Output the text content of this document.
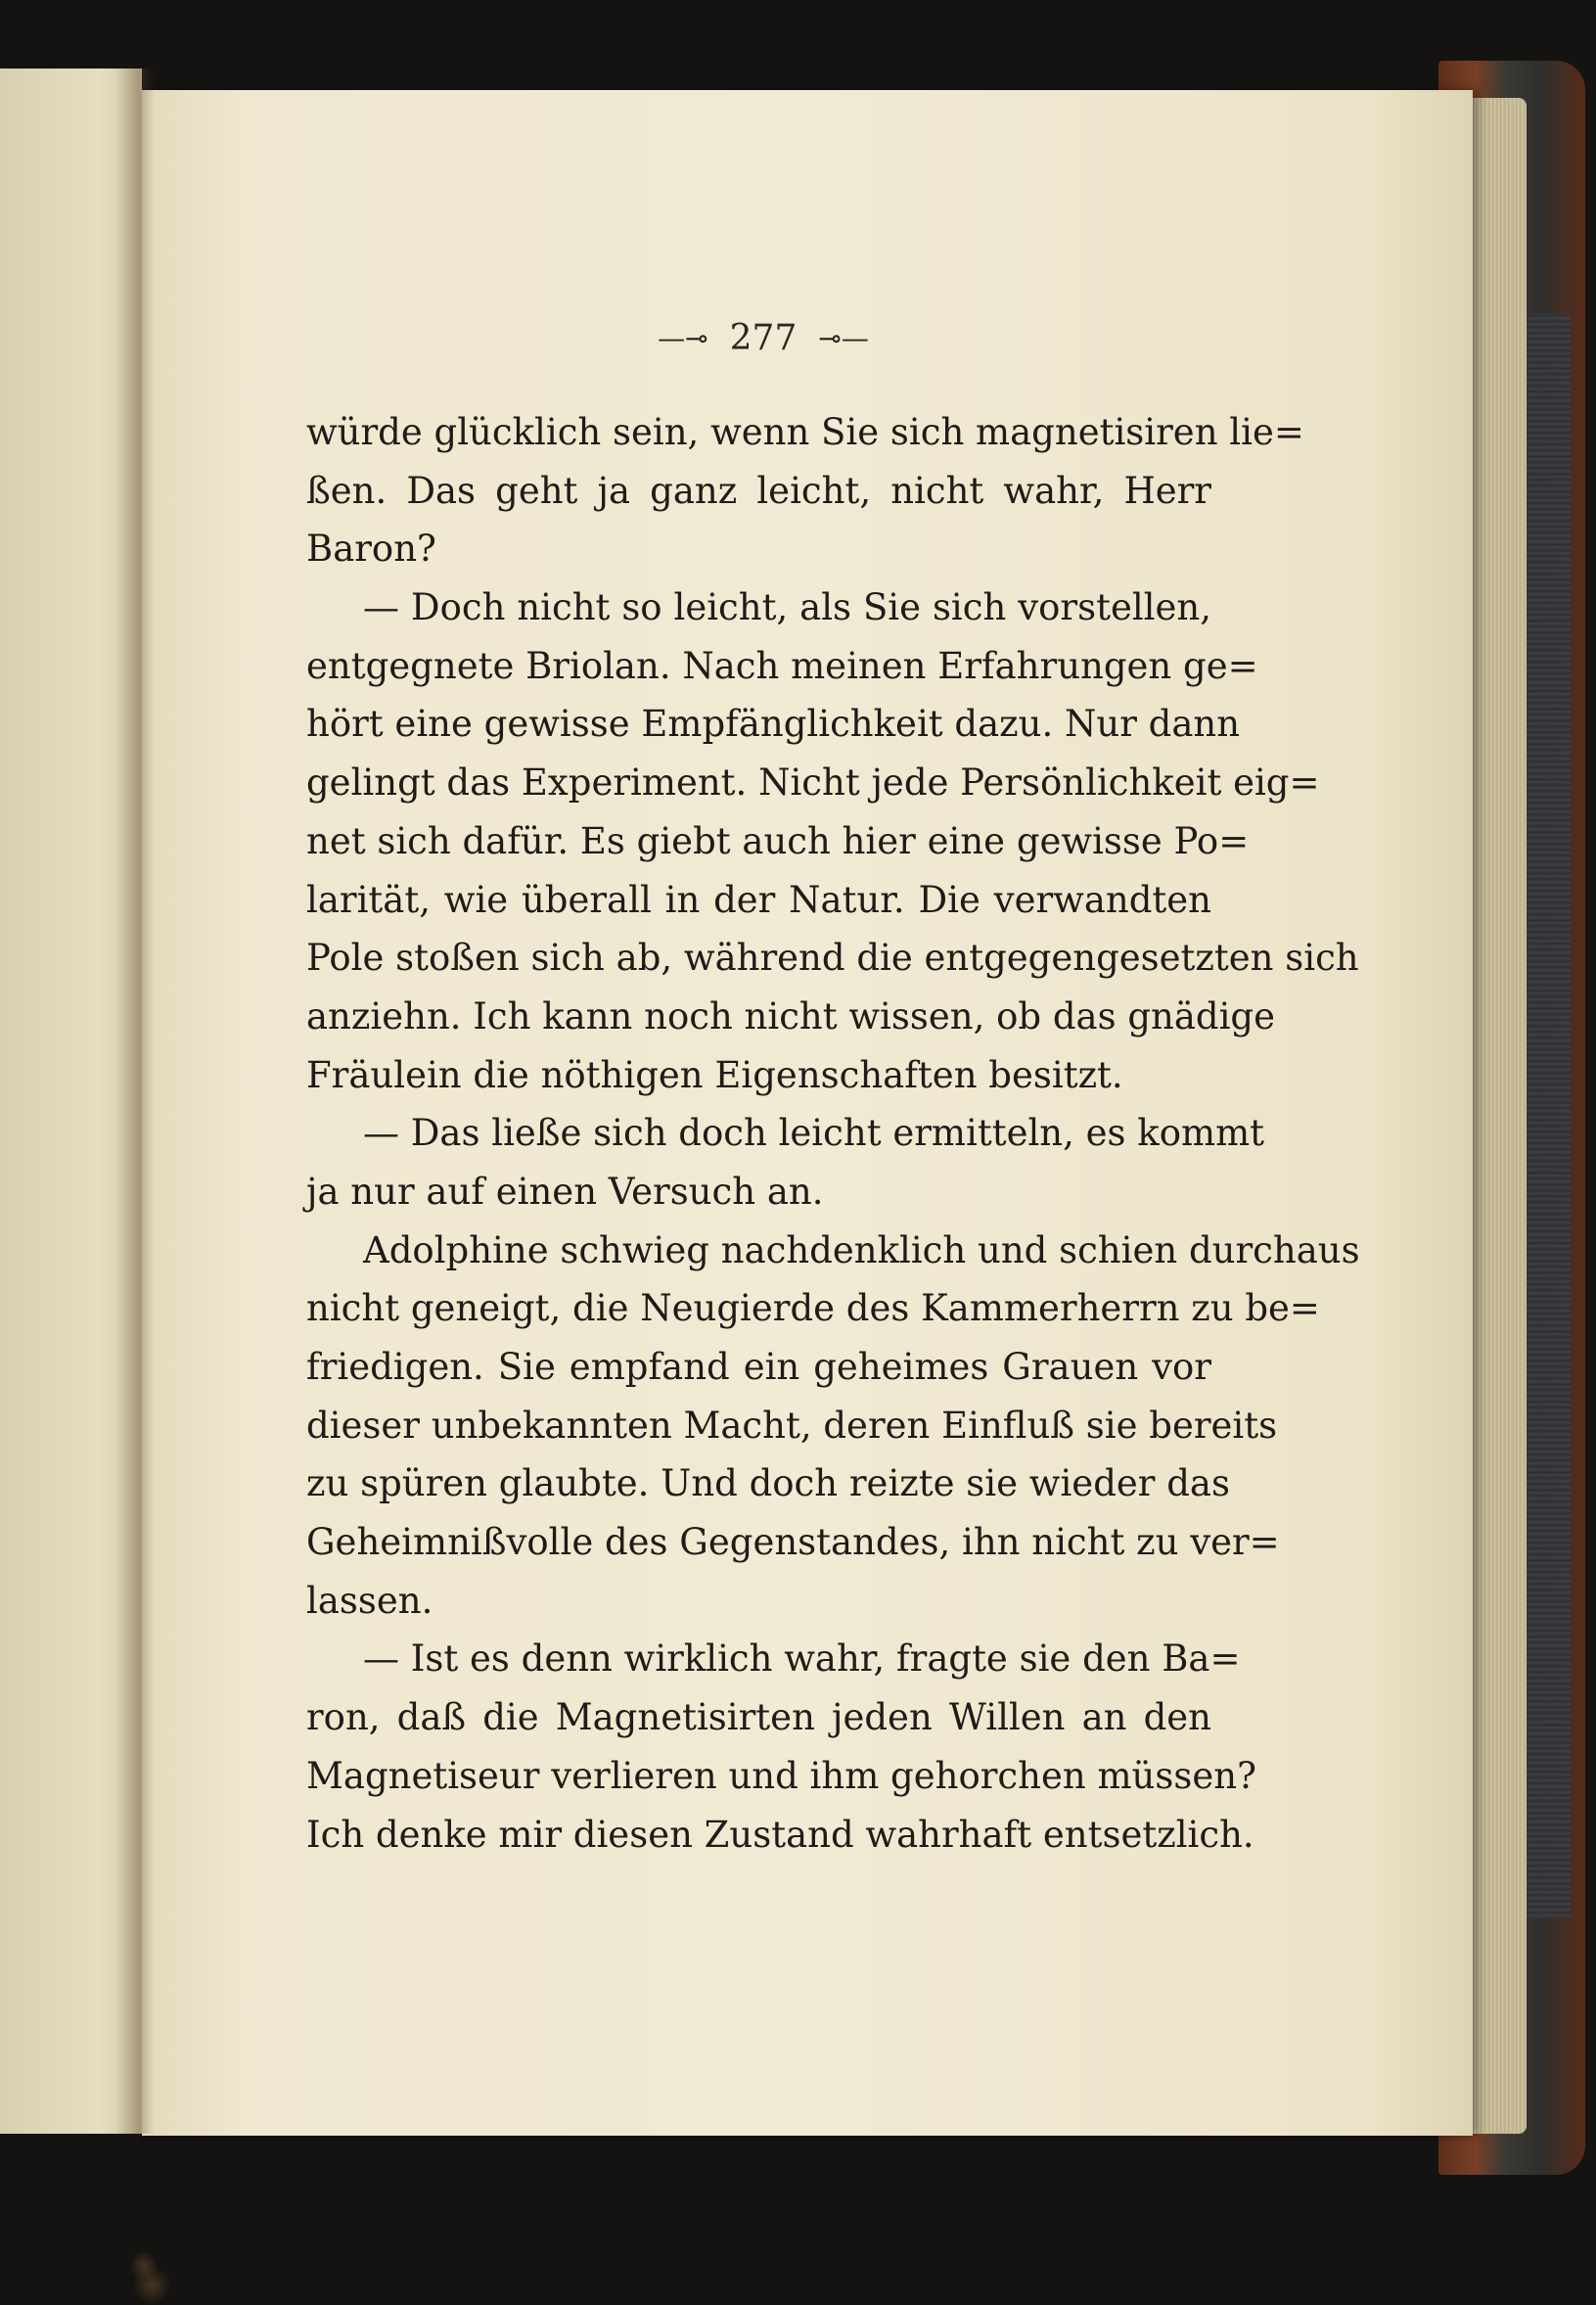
—⊸ 277 ⊸—
würde glücklich sein, wenn Sie sich magnetisiren lie=
ßen. Das geht ja ganz leicht, nicht wahr, Herr
Baron?
— Doch nicht so leicht, als Sie sich vorstellen,
entgegnete Briolan. Nach meinen Erfahrungen ge=
hört eine gewisse Empfänglichkeit dazu. Nur dann
gelingt das Experiment. Nicht jede Persönlichkeit eig=
net sich dafür. Es giebt auch hier eine gewisse Po=
larität, wie überall in der Natur. Die verwandten
Pole stoßen sich ab, während die entgegengesetzten sich
anziehn. Ich kann noch nicht wissen, ob das gnädige
Fräulein die nöthigen Eigenschaften besitzt.
— Das ließe sich doch leicht ermitteln, es kommt
ja nur auf einen Versuch an.
Adolphine schwieg nachdenklich und schien durchaus
nicht geneigt, die Neugierde des Kammerherrn zu be=
friedigen. Sie empfand ein geheimes Grauen vor
dieser unbekannten Macht, deren Einfluß sie bereits
zu spüren glaubte. Und doch reizte sie wieder das
Geheimnißvolle des Gegenstandes, ihn nicht zu ver=
lassen.
— Ist es denn wirklich wahr, fragte sie den Ba=
ron, daß die Magnetisirten jeden Willen an den
Magnetiseur verlieren und ihm gehorchen müssen?
Ich denke mir diesen Zustand wahrhaft entsetzlich.
